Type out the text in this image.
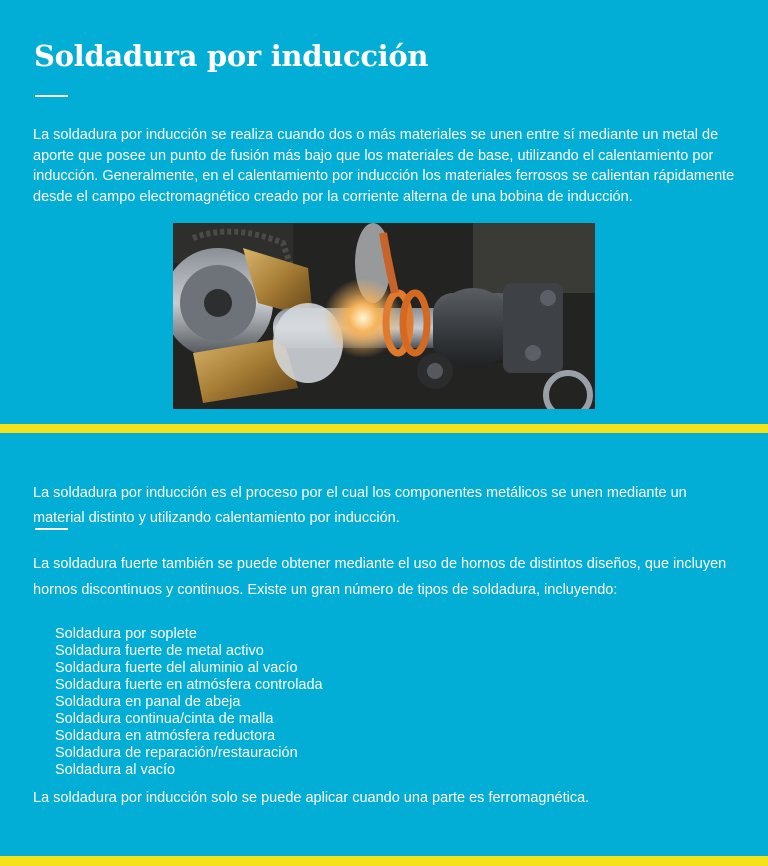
Soldadura por inducción

La soldadura por inducción se realiza cuando dos o más materiales se unen entre sí mediante un metal de aporte que posee un punto de fusión más bajo que los materiales de base, utilizando el calentamiento por inducción. Generalmente, en el calentamiento por inducción los materiales ferrosos se calientan rápidamente desde el campo electromagnético creado por la corriente alterna de una bobina de inducción.

La soldadura por inducción es el proceso por el cual los componentes metálicos se unen mediante un material distinto y utilizando calentamiento por inducción.

La soldadura fuerte también se puede obtener mediante el uso de hornos de distintos diseños, que incluyen hornos discontinuos y continuos. Existe un gran número de tipos de soldadura, incluyendo:

Soldadura por soplete
Soldadura fuerte de metal activo
Soldadura fuerte del aluminio al vacío
Soldadura fuerte en atmósfera controlada
Soldadura en panal de abeja
Soldadura continua/cinta de malla
Soldadura en atmósfera reductora
Soldadura de reparación/restauración
Soldadura al vacío

La soldadura por inducción solo se puede aplicar cuando una parte es ferromagnética.
